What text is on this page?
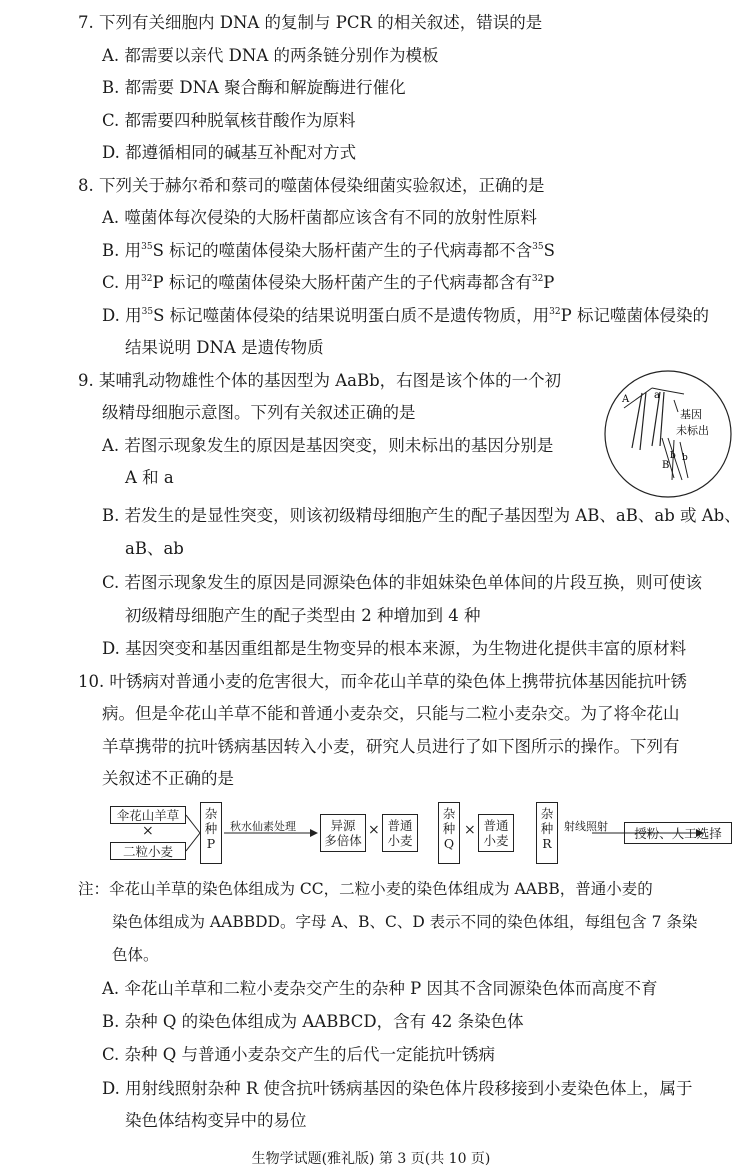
7. 下列有关细胞内 DNA 的复制与 PCR 的相关叙述，错误的是
A. 都需要以亲代 DNA 的两条链分别作为模板
B. 都需要 DNA 聚合酶和解旋酶进行催化
C. 都需要四种脱氧核苷酸作为原料
D. 都遵循相同的碱基互补配对方式
8. 下列关于赫尔希和蔡司的噬菌体侵染细菌实验叙述，正确的是
A. 噬菌体每次侵染的大肠杆菌都应该含有不同的放射性原料
B. 用$^{35}$S 标记的噬菌体侵染大肠杆菌产生的子代病毒都不含$^{35}$S
C. 用$^{32}$P 标记的噬菌体侵染大肠杆菌产生的子代病毒都含有$^{32}$P
D. 用$^{35}$S 标记噬菌体侵染的结果说明蛋白质不是遗传物质，用$^{32}$P 标记噬菌体侵染的
结果说明 DNA 是遗传物质
9. 某哺乳动物雄性个体的基因型为 AaBb，右图是该个体的一个初
级精母细胞示意图。下列有关叙述正确的是
A. 若图示现象发生的原因是基因突变，则未标出的基因分别是
A 和 a
B. 若发生的是显性突变，则该初级精母细胞产生的配子基因型为 AB、aB、ab 或 Ab、
aB、ab
C. 若图示现象发生的原因是同源染色体的非姐妹染色单体间的片段互换，则可使该
初级精母细胞产生的配子类型由 2 种增加到 4 种
D. 基因突变和基因重组都是生物变异的根本来源，为生物进化提供丰富的原材料
A a
基因
未标出
B
b b
10. 叶锈病对普通小麦的危害很大，而伞花山羊草的染色体上携带抗体基因能抗叶锈
病。但是伞花山羊草不能和普通小麦杂交，只能与二粒小麦杂交。为了将伞花山
羊草携带的抗叶锈病基因转入小麦，研究人员进行了如下图所示的操作。下列有
关叙述不正确的是
伞花山羊草
×
二粒小麦
杂
种
P
秋水仙素处理	异源
多倍体
× 普通
小麦
杂
种
Q
× 普通
小麦
杂
种
R
射线照射	授粉、人工选择
注：伞花山羊草的染色体组成为 CC，二粒小麦的染色体组成为 AABB，普通小麦的
染色体组成为 AABBDD。字母 A、B、C、D 表示不同的染色体组，每组包含 7 条染
色体。
A. 伞花山羊草和二粒小麦杂交产生的杂种 P 因其不含同源染色体而高度不育
B. 杂种 Q 的染色体组成为 AABBCD，含有 42 条染色体
C. 杂种 Q 与普通小麦杂交产生的后代一定能抗叶锈病
D. 用射线照射杂种 R 使含抗叶锈病基因的染色体片段移接到小麦染色体上，属于
染色体结构变异中的易位
生物学试题(雅礼版) 第 3 页(共 10 页)
